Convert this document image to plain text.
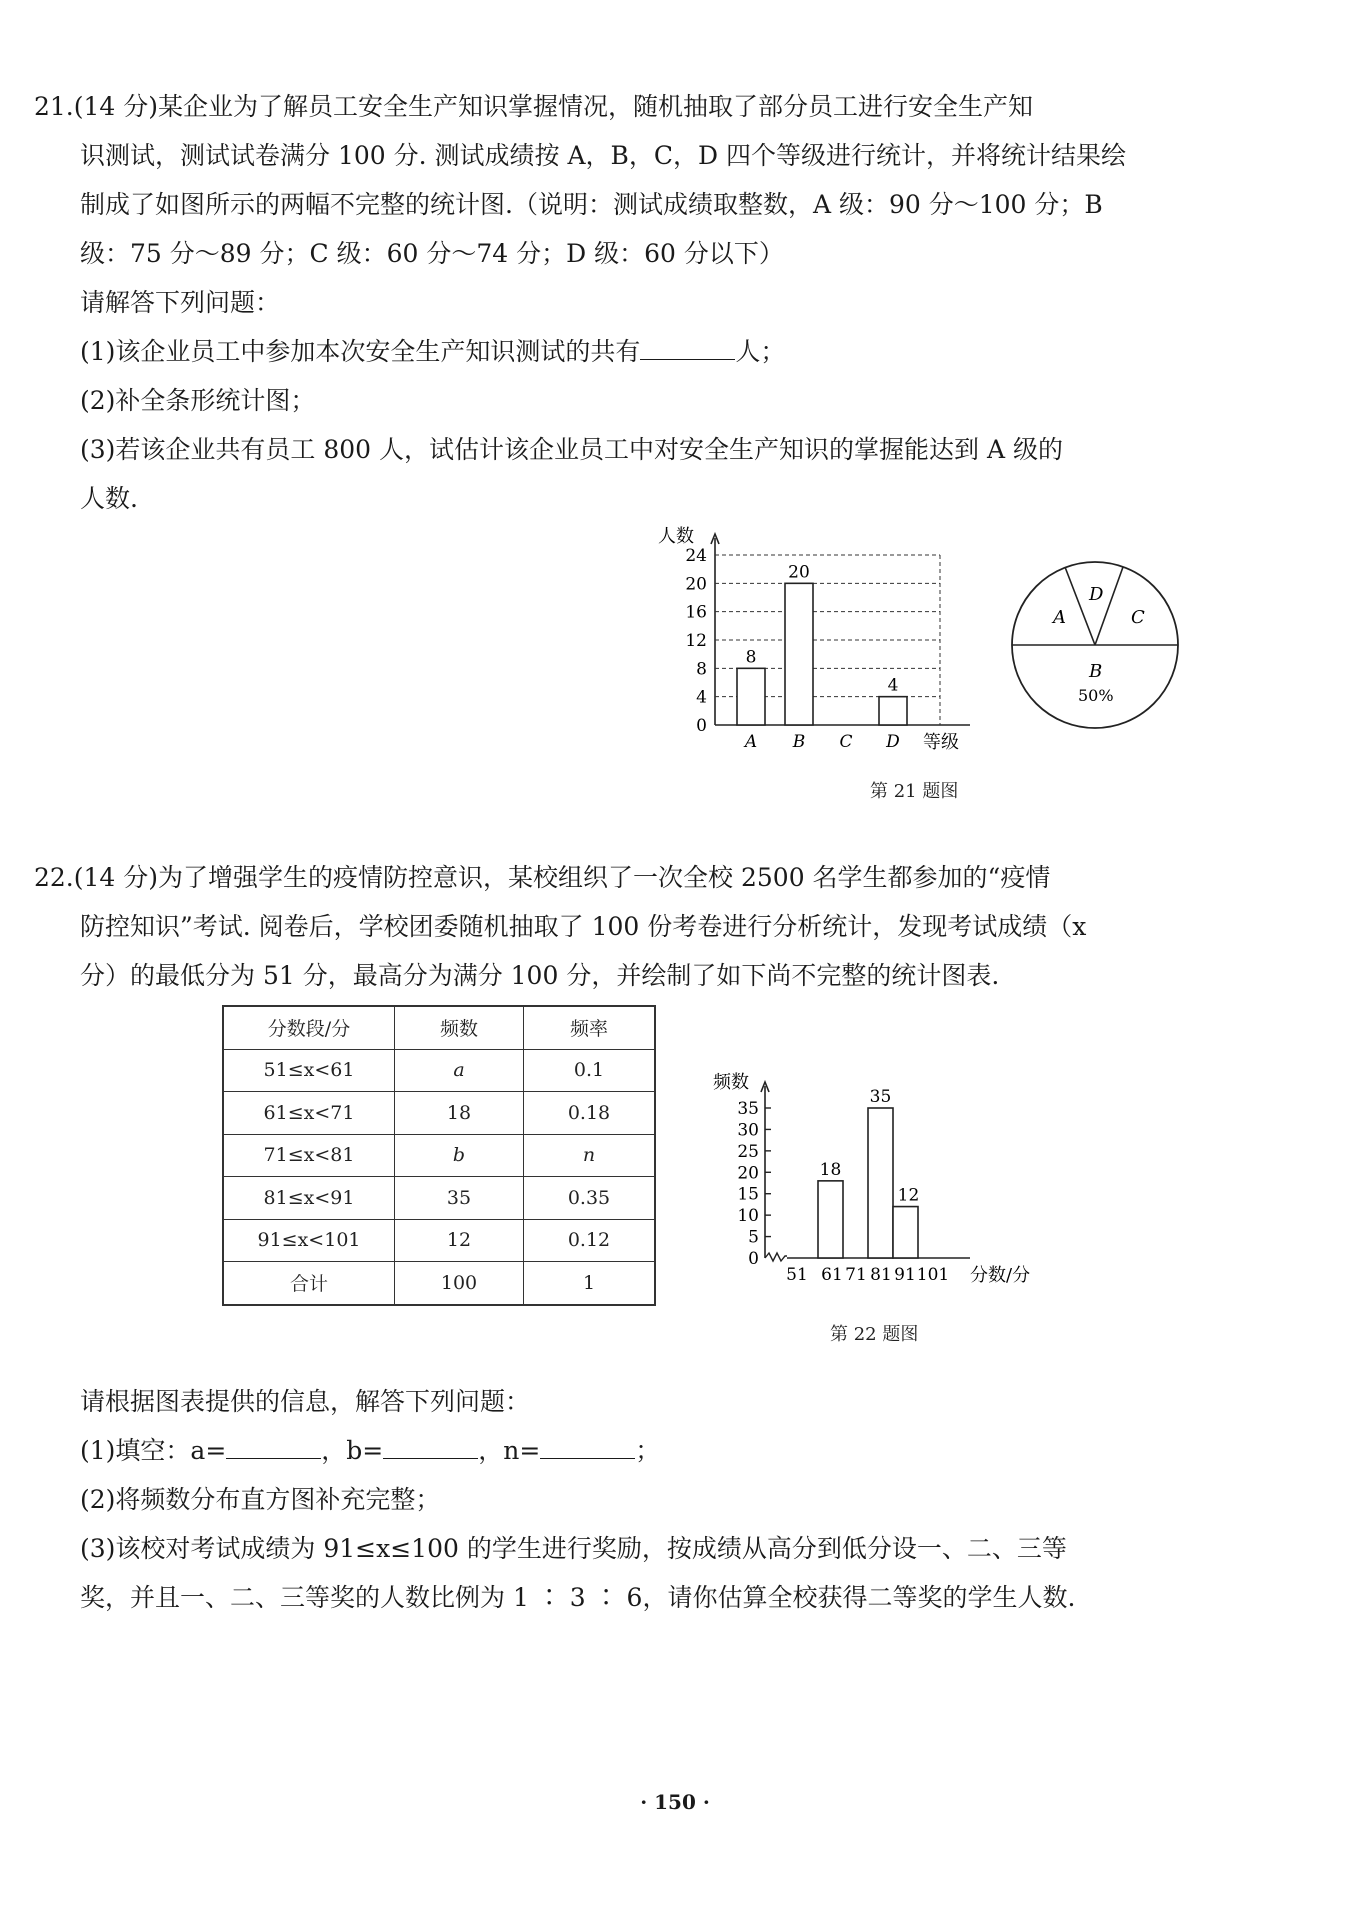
21.(14 分)某企业为了解员工安全生产知识掌握情况，随机抽取了部分员工进行安全生产知

识测试，测试试卷满分 100 分. 测试成绩按 A，B，C，D 四个等级进行统计，并将统计结果绘

制成了如图所示的两幅不完整的统计图.（说明：测试成绩取整数，A 级：90 分～100 分；B

级：75 分～89 分；C 级：60 分～74 分；D 级：60 分以下）

请解答下列问题：

(1)该企业员工中参加本次安全生产知识测试的共有	人；

(2)补全条形统计图；

(3)若该企业共有员工 800 人，试估计该企业员工中对安全生产知识的掌握能达到 A 级的

人数.

0
4
8
12
16
20
24
人数
等级
A
8
B
20
C D
4
A
D
C
B
50%
第 21 题图

22.(14 分)为了增强学生的疫情防控意识，某校组织了一次全校 2500 名学生都参加的“疫情

防控知识”考试. 阅卷后，学校团委随机抽取了 100 份考卷进行分析统计，发现考试成绩（x

分）的最低分为 51 分，最高分为满分 100 分，并绘制了如下尚不完整的统计图表.

分数段/分	频数	频率
51≤x<61	a	0.1
61≤x<71	18	0.18
71≤x<81	b	n
81≤x<91	35	0.35
91≤x<101	12	0.12
合计	100	1
0
5
10
15
20
25
30
35
频数
分数/分
51 61 71 81 91 101
18
35
12
第 22 题图

请根据图表提供的信息，解答下列问题：

(1)填空：a=	，b=	，n=	；

(2)将频数分布直方图补充完整；

(3)该校对考试成绩为 91≤x≤100 的学生进行奖励，按成绩从高分到低分设一、二、三等

奖，并且一、二、三等奖的人数比例为 1 ∶ 3 ∶ 6，请你估算全校获得二等奖的学生人数.

· 150 ·
